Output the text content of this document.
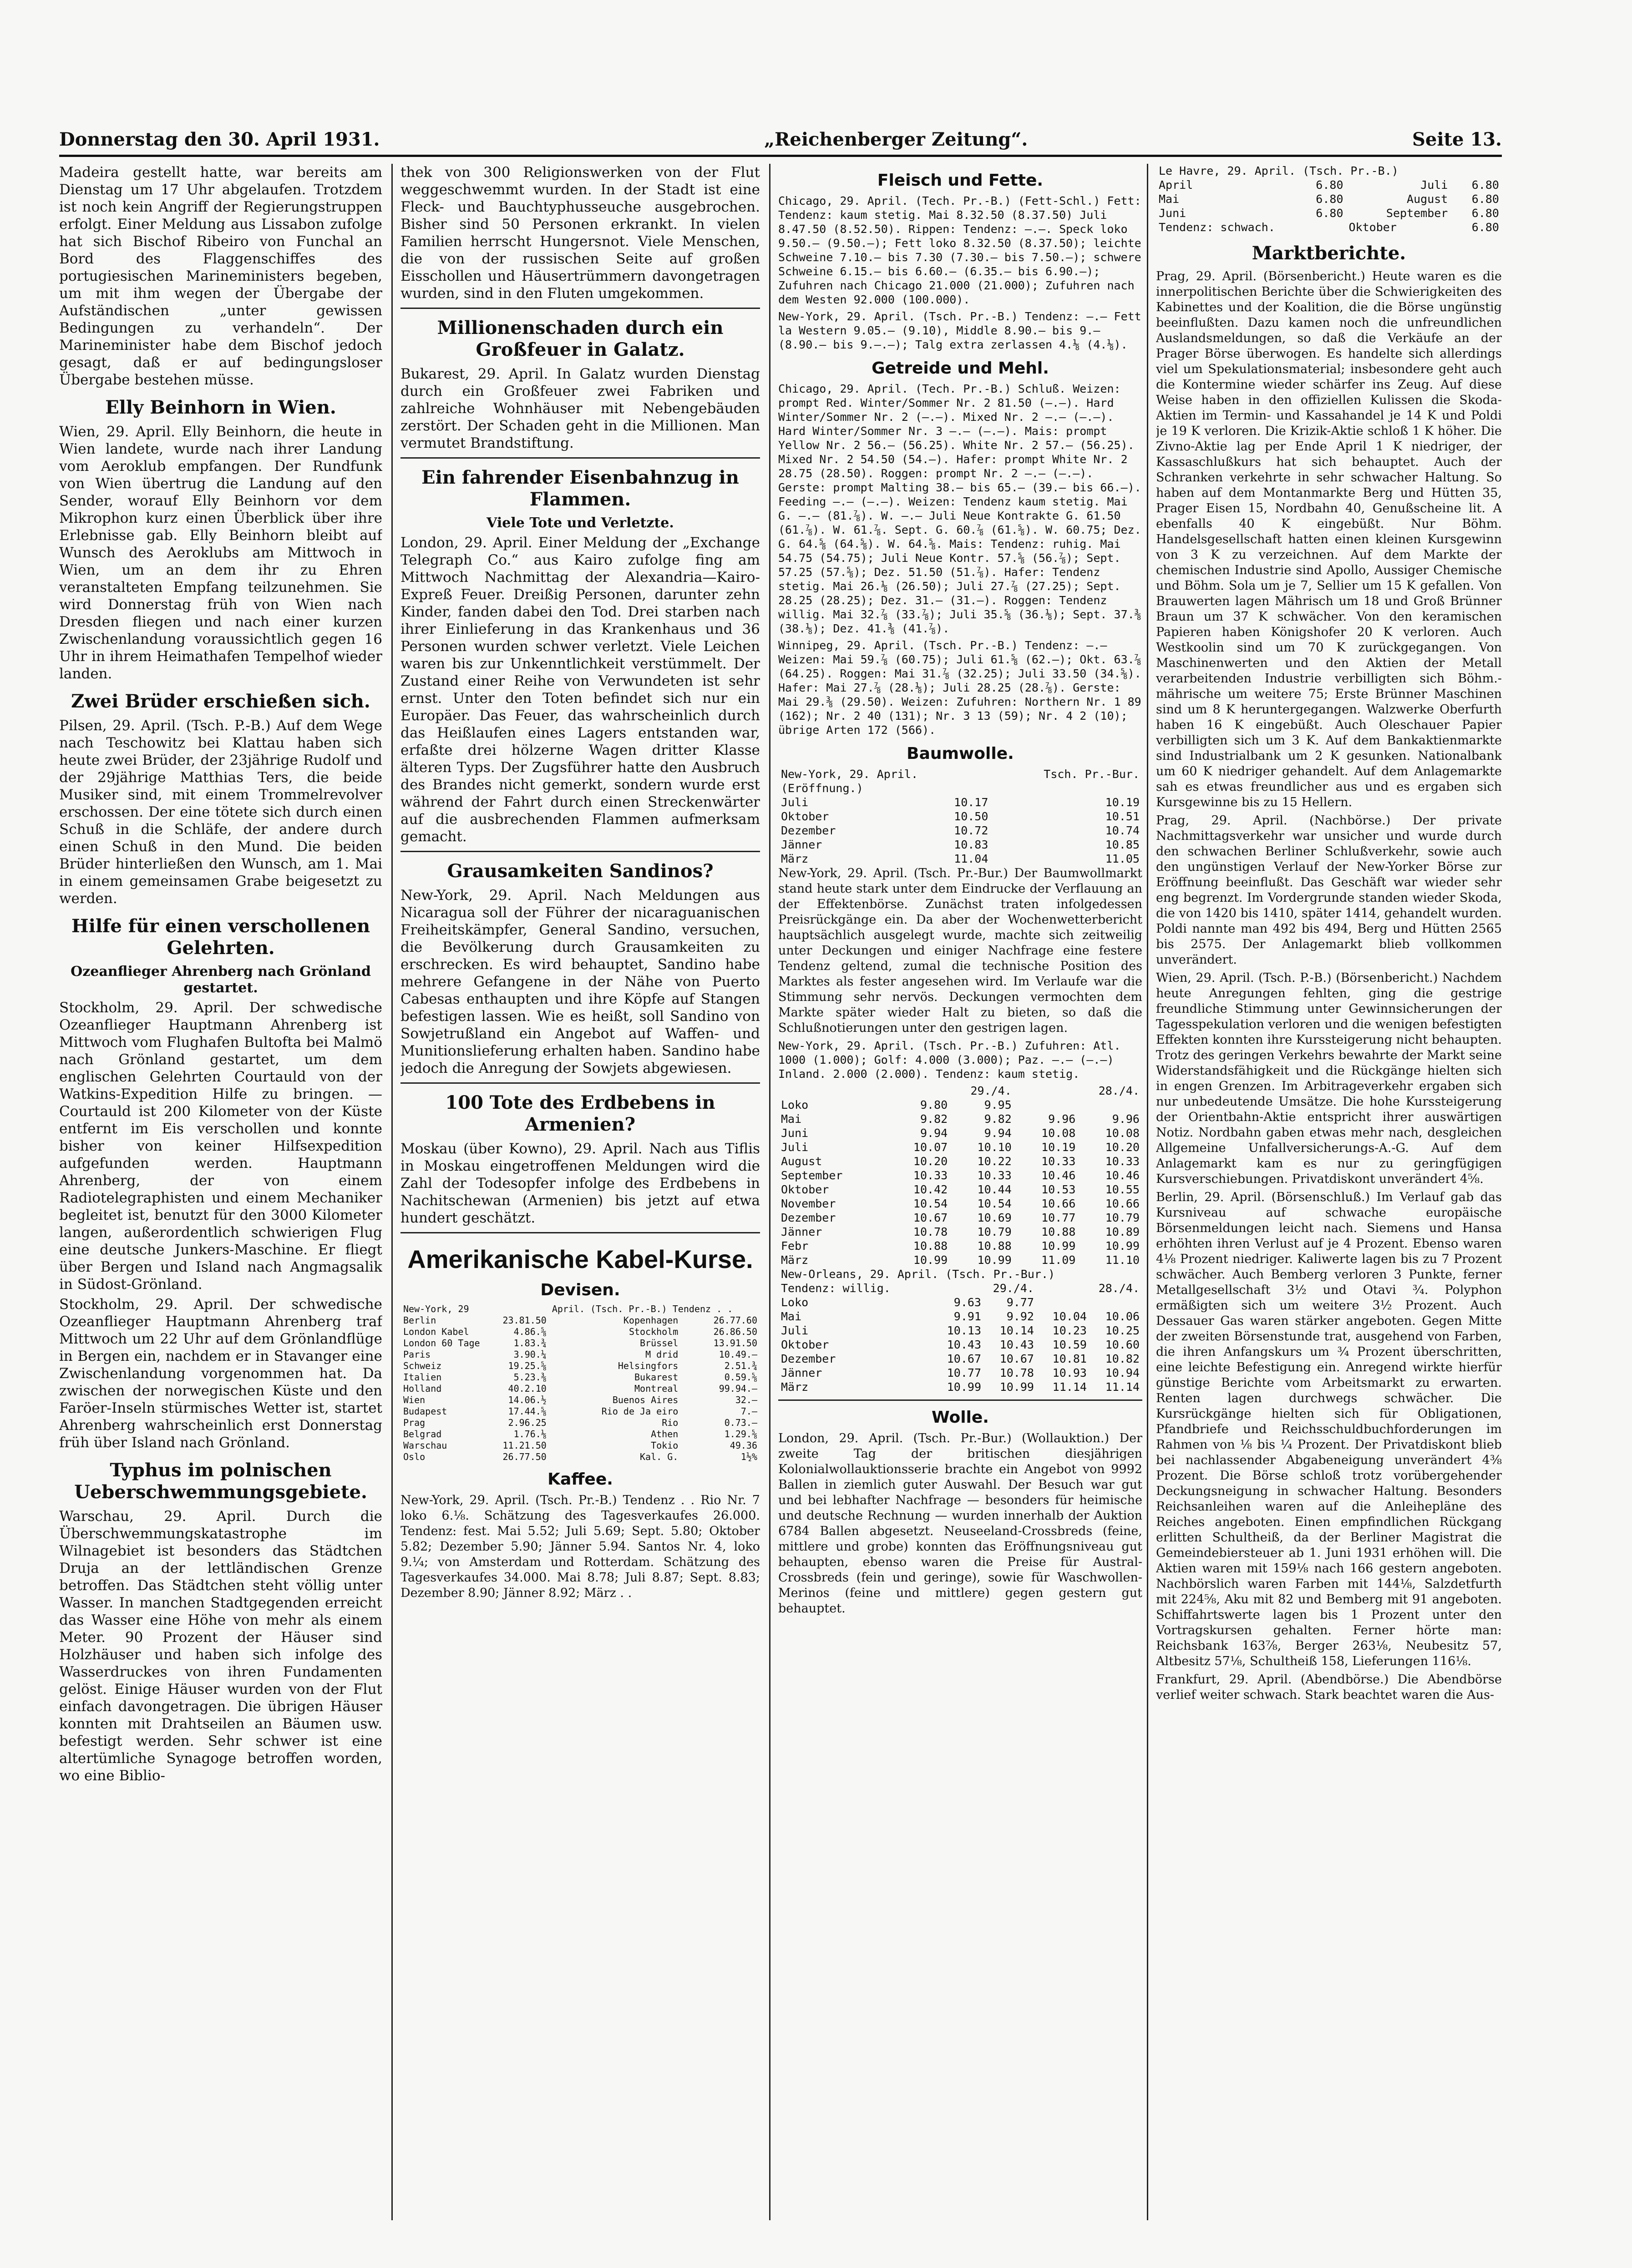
Donnerstag den 30. April 1931.	„Reichenberger Zeitung“.	Seite 13.

Madeira gestellt hatte, war bereits am Dienstag um 17 Uhr abgelaufen. Trotzdem ist noch kein Angriff der Regierungstruppen erfolgt. Einer Meldung aus Lissabon zufolge hat sich Bischof Ribeiro von Funchal an Bord des Flaggenschiffes des portugiesischen Marineministers begeben, um mit ihm wegen der Übergabe der Aufständischen „unter gewissen Bedingungen zu verhandeln“. Der Marineminister habe dem Bischof jedoch gesagt, daß er auf bedingungsloser Übergabe bestehen müsse.

Elly Beinhorn in Wien.

Wien, 29. April. Elly Beinhorn, die heute in Wien landete, wurde nach ihrer Landung vom Aeroklub empfangen. Der Rundfunk von Wien übertrug die Landung auf den Sender, worauf Elly Beinhorn vor dem Mikrophon kurz einen Überblick über ihre Erlebnisse gab. Elly Beinhorn bleibt auf Wunsch des Aeroklubs am Mittwoch in Wien, um an dem ihr zu Ehren veranstalteten Empfang teilzunehmen. Sie wird Donnerstag früh von Wien nach Dresden fliegen und nach einer kurzen Zwischenlandung voraussichtlich gegen 16 Uhr in ihrem Heimathafen Tempelhof wieder landen.

Zwei Brüder erschießen sich.

Pilsen, 29. April. (Tsch. P.-B.) Auf dem Wege nach Teschowitz bei Klattau haben sich heute zwei Brüder, der 23jährige Rudolf und der 29jährige Matthias Ters, die beide Musiker sind, mit einem Trommelrevolver erschossen. Der eine tötete sich durch einen Schuß in die Schläfe, der andere durch einen Schuß in den Mund. Die beiden Brüder hinterließen den Wunsch, am 1. Mai in einem gemeinsamen Grabe beigesetzt zu werden.

Hilfe für einen verschollenen Gelehrten.
Ozeanflieger Ahrenberg nach Grönland gestartet.

Stockholm, 29. April. Der schwedische Ozeanflieger Hauptmann Ahrenberg ist Mittwoch vom Flughafen Bultofta bei Malmö nach Grönland gestartet, um dem englischen Gelehrten Courtauld von der Watkins-Expedition Hilfe zu bringen. — Courtauld ist 200 Kilometer von der Küste entfernt im Eis verschollen und konnte bisher von keiner Hilfsexpedition aufgefunden werden. Hauptmann Ahrenberg, der von einem Radiotelegraphisten und einem Mechaniker begleitet ist, benutzt für den 3000 Kilometer langen, außerordentlich schwierigen Flug eine deutsche Junkers-Maschine. Er fliegt über Bergen und Island nach Angmagsalik in Südost-Grönland.

Stockholm, 29. April. Der schwedische Ozeanflieger Hauptmann Ahrenberg traf Mittwoch um 22 Uhr auf dem Grönlandflüge in Bergen ein, nachdem er in Stavanger eine Zwischenlandung vorgenommen hat. Da zwischen der norwegischen Küste und den Faröer-Inseln stürmisches Wetter ist, startet Ahrenberg wahrscheinlich erst Donnerstag früh über Island nach Grönland.

Typhus im polnischen Ueberschwemmungsgebiete.

Warschau, 29. April. Durch die Überschwemmungskatastrophe im Wilnagebiet ist besonders das Städtchen Druja an der lettländischen Grenze betroffen. Das Städtchen steht völlig unter Wasser. In manchen Stadtgegenden erreicht das Wasser eine Höhe von mehr als einem Meter. 90 Prozent der Häuser sind Holzhäuser und haben sich infolge des Wasserdruckes von ihren Fundamenten gelöst. Einige Häuser wurden von der Flut einfach davongetragen. Die übrigen Häuser konnten mit Drahtseilen an Bäumen usw. befestigt werden. Sehr schwer ist eine altertümliche Synagoge betroffen worden, wo eine Biblio-

thek von 300 Religionswerken von der Flut weggeschwemmt wurden. In der Stadt ist eine Fleck- und Bauchtyphusseuche ausgebrochen. Bisher sind 50 Personen erkrankt. In vielen Familien herrscht Hungersnot. Viele Menschen, die von der russischen Seite auf großen Eisschollen und Häusertrümmern davongetragen wurden, sind in den Fluten umgekommen.

Millionenschaden durch ein Großfeuer in Galatz.

Bukarest, 29. April. In Galatz wurden Dienstag durch ein Großfeuer zwei Fabriken und zahlreiche Wohnhäuser mit Nebengebäuden zerstört. Der Schaden geht in die Millionen. Man vermutet Brandstiftung.

Ein fahrender Eisenbahnzug in Flammen.
Viele Tote und Verletzte.

London, 29. April. Einer Meldung der „Exchange Telegraph Co.“ aus Kairo zufolge fing am Mittwoch Nachmittag der Alexandria—Kairo-Expreß Feuer. Dreißig Personen, darunter zehn Kinder, fanden dabei den Tod. Drei starben nach ihrer Einlieferung in das Krankenhaus und 36 Personen wurden schwer verletzt. Viele Leichen waren bis zur Unkenntlichkeit verstümmelt. Der Zustand einer Reihe von Verwundeten ist sehr ernst. Unter den Toten befindet sich nur ein Europäer. Das Feuer, das wahrscheinlich durch das Heißlaufen eines Lagers entstanden war, erfaßte drei hölzerne Wagen dritter Klasse älteren Typs. Der Zugsführer hatte den Ausbruch des Brandes nicht gemerkt, sondern wurde erst während der Fahrt durch einen Streckenwärter auf die ausbrechenden Flammen aufmerksam gemacht.

Grausamkeiten Sandinos?

New-York, 29. April. Nach Meldungen aus Nicaragua soll der Führer der nicaraguanischen Freiheitskämpfer, General Sandino, versuchen, die Bevölkerung durch Grausamkeiten zu erschrecken. Es wird behauptet, Sandino habe mehrere Gefangene in der Nähe von Puerto Cabesas enthaupten und ihre Köpfe auf Stangen befestigen lassen. Wie es heißt, soll Sandino von Sowjetrußland ein Angebot auf Waffen- und Munitionslieferung erhalten haben. Sandino habe jedoch die Anregung der Sowjets abgewiesen.

100 Tote des Erdbebens in Armenien?

Moskau (über Kowno), 29. April. Nach aus Tiflis in Moskau eingetroffenen Meldungen wird die Zahl der Todesopfer infolge des Erdbebens in Nachitschewan (Armenien) bis jetzt auf etwa hundert geschätzt.

Amerikanische Kabel-Kurse.
Devisen.
New-York, 29		April. (Tsch. Pr.-B.) Tendenz . .	
Berlin	23.81.50	Kopenhagen	26.77.60
London Kabel	4.86.⅝	Stockholm	26.86.50
London 60 Tage	1.83.¾	Brüssel	13.91.50
Paris	3.90.¼	M drid	10.49.—
Schweiz	19.25.⅝	Helsingfors	2.51.¾
Italien	5.23.⅜	Bukarest	0.59.⅝
Holland	40.2.10	Montreal	99.94.—
Wien	14.06.½	Buenos Aires	32.—
Budapest	17.44.⅝	Rio de Ja eiro	7.—
Prag	2.96.25	Rio	0.73.—
Belgrad	1.76.⅛	Athen	1.29.⅝
Warschau	11.21.50	Tokio	49.36
Oslo	26.77.50	Kal. G.	1½%
Kaffee.

New-York, 29. April. (Tsch. Pr.-B.) Tendenz . . Rio Nr. 7 loko 6.⅛. Schätzung des Tagesverkaufes 26.000. Tendenz: fest. Mai 5.52; Juli 5.69; Sept. 5.80; Oktober 5.82; Dezember 5.90; Jänner 5.94. Santos Nr. 4, loko 9.¼; von Amsterdam und Rotterdam. Schätzung des Tagesverkaufes 34.000. Mai 8.78; Juli 8.87; Sept. 8.83; Dezember 8.90; Jänner 8.92; März . .

Fleisch und Fette.

Chicago, 29. April. (Tech. Pr.-B.) (Fett-Schl.) Fett: Tendenz: kaum stetig. Mai 8.32.50 (8.37.50) Juli 8.47.50 (8.52.50). Rippen: Tendenz: —.—. Speck loko 9.50.— (9.50.—); Fett loko 8.32.50 (8.37.50); leichte Schweine 7.10.— bis 7.30 (7.30.— bis 7.50.—); schwere Schweine 6.15.— bis 6.60.— (6.35.— bis 6.90.—); Zufuhren nach Chicago 21.000 (21.000); Zufuhren nach dem Westen 92.000 (100.000).

New-York, 29. April. (Tsch. Pr.-B.) Tendenz: —.— Fett la Western 9.05.— (9.10), Middle 8.90.— bis 9.— (8.90.— bis 9.—.—); Talg extra zerlassen 4.⅛ (4.⅛).

Getreide und Mehl.

Chicago, 29. April. (Tech. Pr.-B.) Schluß. Weizen: prompt Red. Winter/Sommer Nr. 2 81.50 (—.—). Hard Winter/Sommer Nr. 2 (—.—). Mixed Nr. 2 —.— (—.—). Hard Winter/Sommer Nr. 3 —.— (—.—). Mais: prompt Yellow Nr. 2 56.— (56.25). White Nr. 2 57.— (56.25). Mixed Nr. 2 54.50 (54.—). Hafer: prompt White Nr. 2 28.75 (28.50). Roggen: prompt Nr. 2 —.— (—.—). Gerste: prompt Malting 38.— bis 65.— (39.— bis 66.—). Feeding —.— (—.—). Weizen: Tendenz kaum stetig. Mai G. —.— (81.⅞). W. —.— Juli Neue Kontrakte G. 61.50 (61.⅞). W. 61.⅞. Sept. G. 60.⅞ (61.⅝). W. 60.75; Dez. G. 64.⅝ (64.⅝). W. 64.⅝. Mais: Tendenz: ruhig. Mai 54.75 (54.75); Juli Neue Kontr. 57.⅝ (56.⅞); Sept. 57.25 (57.⅝); Dez. 51.50 (51.⅞). Hafer: Tendenz stetig. Mai 26.⅛ (26.50); Juli 27.⅞ (27.25); Sept. 28.25 (28.25); Dez. 31.— (31.—). Roggen: Tendenz willig. Mai 32.⅞ (33.⅞); Juli 35.⅝ (36.⅛); Sept. 37.⅜ (38.⅛); Dez. 41.⅜ (41.⅞).

Winnipeg, 29. April. (Tsch. Pr.-B.) Tendenz: —.— Weizen: Mai 59.⅞ (60.75); Juli 61.⅝ (62.—); Okt. 63.⅞ (64.25). Roggen: Mai 31.⅞ (32.25); Juli 33.50 (34.⅝). Hafer: Mai 27.⅞ (28.⅛); Juli 28.25 (28.⅞). Gerste: Mai 29.⅜ (29.50). Weizen: Zufuhren: Northern Nr. 1 89 (162); Nr. 2 40 (131); Nr. 3 13 (59); Nr. 4 2 (10); übrige Arten 172 (566).

Baumwolle.
New-York, 29. April.		Tsch. Pr.-Bur.
(Eröffnung.)		
Juli	10.17	10.19
Oktober	10.50	10.51
Dezember	10.72	10.74
Jänner	10.83	10.85
März	11.04	11.05

New-York, 29. April. (Tsch. Pr.-Bur.) Der Baumwollmarkt stand heute stark unter dem Eindrucke der Verflauung an der Effektenbörse. Zunächst traten infolgedessen Preisrückgänge ein. Da aber der Wochenwetterbericht hauptsächlich ausgelegt wurde, machte sich zeitweilig unter Deckungen und einiger Nachfrage eine festere Tendenz geltend, zumal die technische Position des Marktes als fester angesehen wird. Im Verlaufe war die Stimmung sehr nervös. Deckungen vermochten dem Markte später wieder Halt zu bieten, so daß die Schlußnotierungen unter den gestrigen lagen.

New-York, 29. April. (Tsch. Pr.-B.) Zufuhren: Atl. 1000 (1.000); Golf: 4.000 (3.000); Paz. —.— (—.—) Inland. 2.000 (2.000). Tendenz: kaum stetig.

	29./4.		28./4.	
Loko	9.80	9.95		
Mai	9.82	9.82	9.96	9.96
Juni	9.94	9.94	10.08	10.08
Juli	10.07	10.10	10.19	10.20
August	10.20	10.22	10.33	10.33
September	10.33	10.33	10.46	10.46
Oktober	10.42	10.44	10.53	10.55
November	10.54	10.54	10.66	10.66
Dezember	10.67	10.69	10.77	10.79
Jänner	10.78	10.79	10.88	10.89
Febr	10.88	10.88	10.99	10.99
März	10.99	10.99	11.09	11.10
New-Orleans, 29. April. (Tsch. Pr.-Bur.)				
Tendenz: willig.	29./4.		28./4.	
Loko	9.63	9.77		
Mai	9.91	9.92	10.04	10.06
Juli	10.13	10.14	10.23	10.25
Oktober	10.43	10.43	10.59	10.60
Dezember	10.67	10.67	10.81	10.82
Jänner	10.77	10.78	10.93	10.94
März	10.99	10.99	11.14	11.14
Wolle.

London, 29. April. (Tsch. Pr.-Bur.) (Wollauktion.) Der zweite Tag der britischen diesjährigen Kolonialwollauktionsserie brachte ein Angebot von 9992 Ballen in ziemlich guter Auswahl. Der Besuch war gut und bei lebhafter Nachfrage — besonders für heimische und deutsche Rechnung — wurden innerhalb der Auktion 6784 Ballen abgesetzt. Neuseeland-Crossbreds (feine, mittlere und grobe) konnten das Eröffnungsniveau gut behaupten, ebenso waren die Preise für Austral-Crossbreds (fein und geringe), sowie für Waschwollen-Merinos (feine und mittlere) gegen gestern gut behauptet.

Le Havre, 29. April. (Tsch. Pr.-B.)			
April	6.80	Juli	6.80
Mai	6.80	August	6.80
Juni	6.80	September	6.80
Tendenz: schwach.		Oktober	6.80
Marktberichte.

Prag, 29. April. (Börsenbericht.) Heute waren es die innerpolitischen Berichte über die Schwierigkeiten des Kabinettes und der Koalition, die die Börse ungünstig beeinflußten. Dazu kamen noch die unfreundlichen Auslandsmeldungen, so daß die Verkäufe an der Prager Börse überwogen. Es handelte sich allerdings viel um Spekulationsmaterial; insbesondere geht auch die Kontermine wieder schärfer ins Zeug. Auf diese Weise haben in den offiziellen Kulissen die Skoda-Aktien im Termin- und Kassahandel je 14 K und Poldi je 19 K verloren. Die Krizik-Aktie schloß 1 K höher. Die Zivno-Aktie lag per Ende April 1 K niedriger, der Kassaschlußkurs hat sich behauptet. Auch der Schranken verkehrte in sehr schwacher Haltung. So haben auf dem Montanmarkte Berg und Hütten 35, Prager Eisen 15, Nordbahn 40, Genußscheine lit. A ebenfalls 40 K eingebüßt. Nur Böhm. Handelsgesellschaft hatten einen kleinen Kursgewinn von 3 K zu verzeichnen. Auf dem Markte der chemischen Industrie sind Apollo, Aussiger Chemische und Böhm. Sola um je 7, Sellier um 15 K gefallen. Von Brauwerten lagen Mährisch um 18 und Groß Brünner Braun um 37 K schwächer. Von den keramischen Papieren haben Königshofer 20 K verloren. Auch Westkoolin sind um 70 K zurückgegangen. Von Maschinenwerten und den Aktien der Metall verarbeitenden Industrie verbilligten sich Böhm.-mährische um weitere 75; Erste Brünner Maschinen sind um 8 K heruntergegangen. Walzwerke Oberfurth haben 16 K eingebüßt. Auch Oleschauer Papier verbilligten sich um 3 K. Auf dem Bankaktienmarkte sind Industrialbank um 2 K gesunken. Nationalbank um 60 K niedriger gehandelt. Auf dem Anlagemarkte sah es etwas freundlicher aus und es ergaben sich Kursgewinne bis zu 15 Hellern.

Prag, 29. April. (Nachbörse.) Der private Nachmittagsverkehr war unsicher und wurde durch den schwachen Berliner Schlußverkehr, sowie auch den ungünstigen Verlauf der New-Yorker Börse zur Eröffnung beeinflußt. Das Geschäft war wieder sehr eng begrenzt. Im Vordergrunde standen wieder Skoda, die von 1420 bis 1410, später 1414, gehandelt wurden. Poldi nannte man 492 bis 494, Berg und Hütten 2565 bis 2575. Der Anlagemarkt blieb vollkommen unverändert.

Wien, 29. April. (Tsch. P.-B.) (Börsenbericht.) Nachdem heute Anregungen fehlten, ging die gestrige freundliche Stimmung unter Gewinnsicherungen der Tagesspekulation verloren und die wenigen befestigten Effekten konnten ihre Kurssteigerung nicht behaupten. Trotz des geringen Verkehrs bewahrte der Markt seine Widerstandsfähigkeit und die Rückgänge hielten sich in engen Grenzen. Im Arbitrageverkehr ergaben sich nur unbedeutende Umsätze. Die hohe Kurssteigerung der Orientbahn-Aktie entspricht ihrer auswärtigen Notiz. Nordbahn gaben etwas mehr nach, desgleichen Allgemeine Unfallversicherungs-A.-G. Auf dem Anlagemarkt kam es nur zu geringfügigen Kursverschiebungen. Privatdiskont unverändert 4⅝.

Berlin, 29. April. (Börsenschluß.) Im Verlauf gab das Kursniveau auf schwache europäische Börsenmeldungen leicht nach. Siemens und Hansa erhöhten ihren Verlust auf je 4 Prozent. Ebenso waren 4⅛ Prozent niedriger. Kaliwerte lagen bis zu 7 Prozent schwächer. Auch Bemberg verloren 3 Punkte, ferner Metallgesellschaft 3½ und Otavi ¾. Polyphon ermäßigten sich um weitere 3½ Prozent. Auch Dessauer Gas waren stärker angeboten. Gegen Mitte der zweiten Börsenstunde trat, ausgehend von Farben, die ihren Anfangskurs um ¾ Prozent überschritten, eine leichte Befestigung ein. Anregend wirkte hierfür günstige Berichte vom Arbeitsmarkt zu erwarten. Renten lagen durchwegs schwächer. Die Kursrückgänge hielten sich für Obligationen, Pfandbriefe und Reichsschuldbuchforderungen im Rahmen von ⅛ bis ¼ Prozent. Der Privatdiskont blieb bei nachlassender Abgabeneigung unverändert 4⅜ Prozent. Die Börse schloß trotz vorübergehender Deckungsneigung in schwacher Haltung. Besonders Reichsanleihen waren auf die Anleihepläne des Reiches angeboten. Einen empfindlichen Rückgang erlitten Schultheiß, da der Berliner Magistrat die Gemeindebiersteuer ab 1. Juni 1931 erhöhen will. Die Aktien waren mit 159⅛ nach 166 gestern angeboten. Nachbörslich waren Farben mit 144⅛, Salzdetfurth mit 224⅝, Aku mit 82 und Bemberg mit 91 angeboten. Schiffahrtswerte lagen bis 1 Prozent unter den Vortragskursen gehalten. Ferner hörte man: Reichsbank 163⅞, Berger 263⅛, Neubesitz 57, Altbesitz 57⅛, Schultheiß 158, Lieferungen 116⅛.

Frankfurt, 29. April. (Abendbörse.) Die Abendbörse verlief weiter schwach. Stark beachtet waren die Aus-
